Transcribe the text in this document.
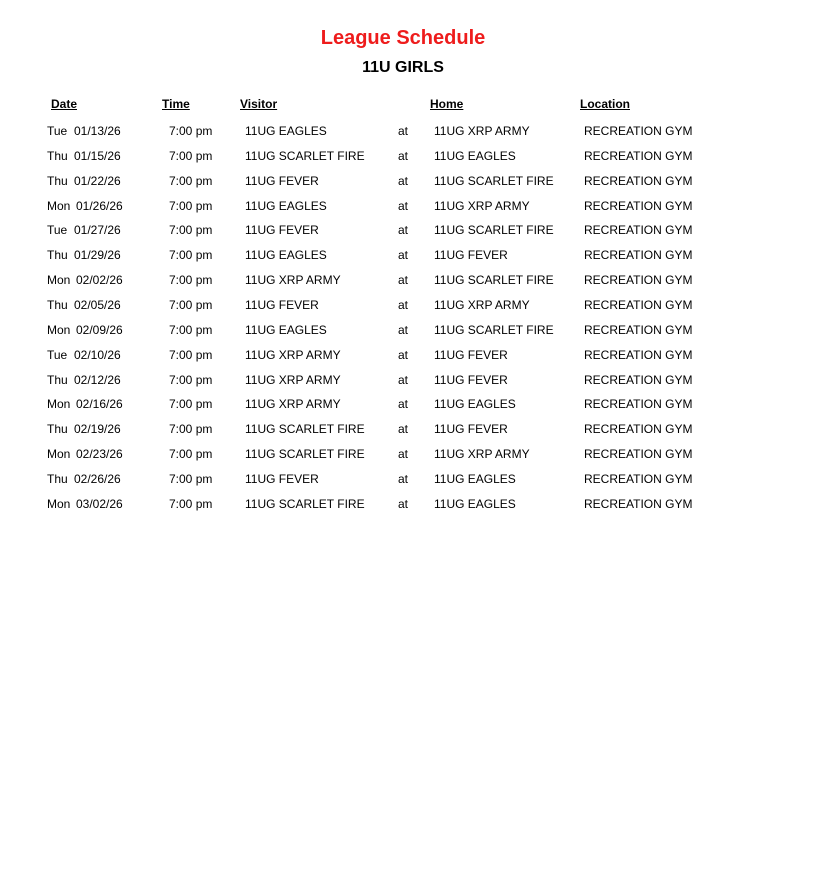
League Schedule
11U GIRLS
Date	Time	Visitor	Home	Location
Tue 01/13/26	7:00 pm	11UG EAGLES	at 11UG XRP ARMY	RECREATION GYM
Thu 01/15/26	7:00 pm	11UG SCARLET FIRE	at 11UG EAGLES	RECREATION GYM
Thu 01/22/26	7:00 pm	11UG FEVER	at 11UG SCARLET FIRE	RECREATION GYM
Mon 01/26/26	7:00 pm	11UG EAGLES	at 11UG XRP ARMY	RECREATION GYM
Tue 01/27/26	7:00 pm	11UG FEVER	at 11UG SCARLET FIRE	RECREATION GYM
Thu 01/29/26	7:00 pm	11UG EAGLES	at 11UG FEVER	RECREATION GYM
Mon 02/02/26	7:00 pm	11UG XRP ARMY	at 11UG SCARLET FIRE	RECREATION GYM
Thu 02/05/26	7:00 pm	11UG FEVER	at 11UG XRP ARMY	RECREATION GYM
Mon 02/09/26	7:00 pm	11UG EAGLES	at 11UG SCARLET FIRE	RECREATION GYM
Tue 02/10/26	7:00 pm	11UG XRP ARMY	at 11UG FEVER	RECREATION GYM
Thu 02/12/26	7:00 pm	11UG XRP ARMY	at 11UG FEVER	RECREATION GYM
Mon 02/16/26	7:00 pm	11UG XRP ARMY	at 11UG EAGLES	RECREATION GYM
Thu 02/19/26	7:00 pm	11UG SCARLET FIRE	at 11UG FEVER	RECREATION GYM
Mon 02/23/26	7:00 pm	11UG SCARLET FIRE	at 11UG XRP ARMY	RECREATION GYM
Thu 02/26/26	7:00 pm	11UG FEVER	at 11UG EAGLES	RECREATION GYM
Mon 03/02/26	7:00 pm	11UG SCARLET FIRE	at 11UG EAGLES	RECREATION GYM
